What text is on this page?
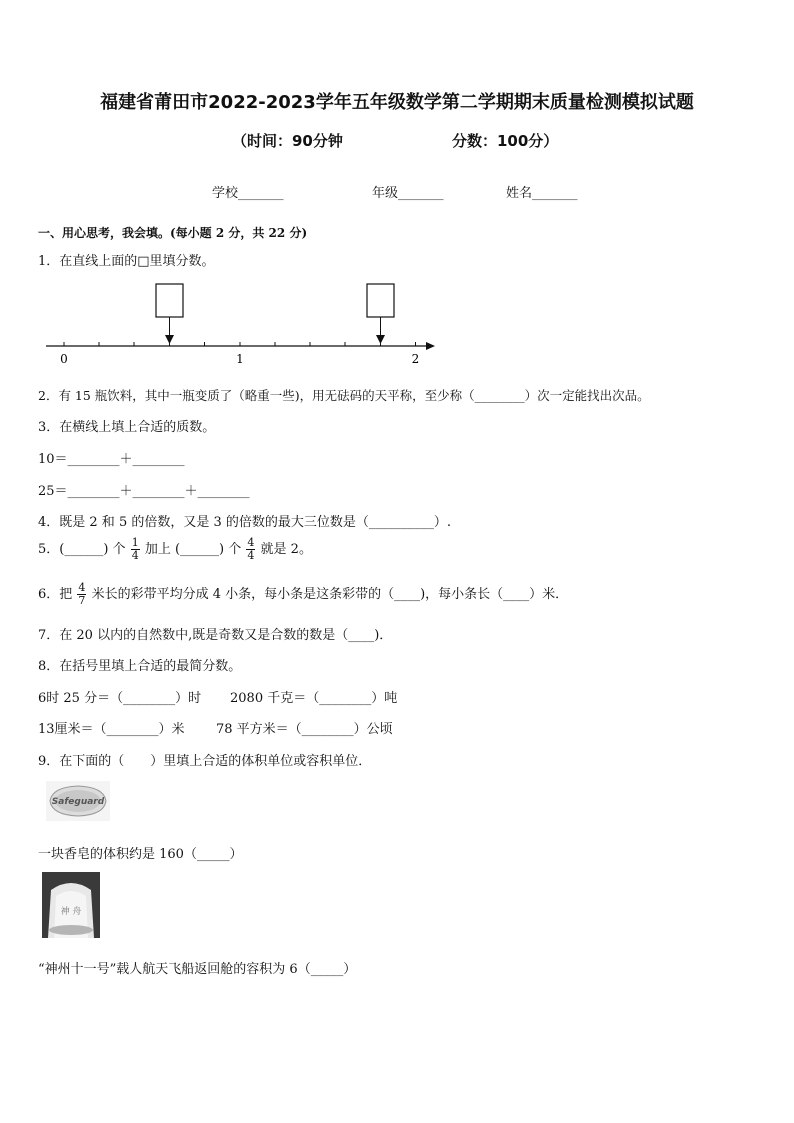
福建省莆田市2022-2023学年五年级数学第二学期期末质量检测模拟试题
（时间：90分钟	分数：100分）
学校_______	年级_______	姓名_______
一、用心思考，我会填。(每小题 2 分，共 22 分)
1．在直线上面的□里填分数。
0	1	2
2．有 15 瓶饮料，其中一瓶变质了（略重一些)，用无砝码的天平称，至少称（________）次一定能找出次品。
3．在横线上填上合适的质数。
10＝________＋________
25＝________＋________＋________
4．既是 2 和 5 的倍数，又是 3 的倍数的最大三位数是（__________）.
5．(______) 个 $\frac{1}{4}$ 加上 (______) 个 $\frac{4}{4}$ 就是 2。
6．把 $\frac{4}{7}$ 米长的彩带平均分成 4 小条，每小条是这条彩带的（____)，每小条长（____）米．
7．在 20 以内的自然数中,既是奇数又是合数的数是（____)．
8．在括号里填上合适的最简分数。
6时 25 分＝（________）时 2080 千克＝（________）吨
13厘米＝（________）米 78 平方米＝（________）公顷
9．在下面的（　　）里填上合适的体积单位或容积单位．
Safeguard
一块香皂的体积约是 160（_____）
神 舟
“神州十一号”载人航天飞船返回舱的容积为 6（_____）
